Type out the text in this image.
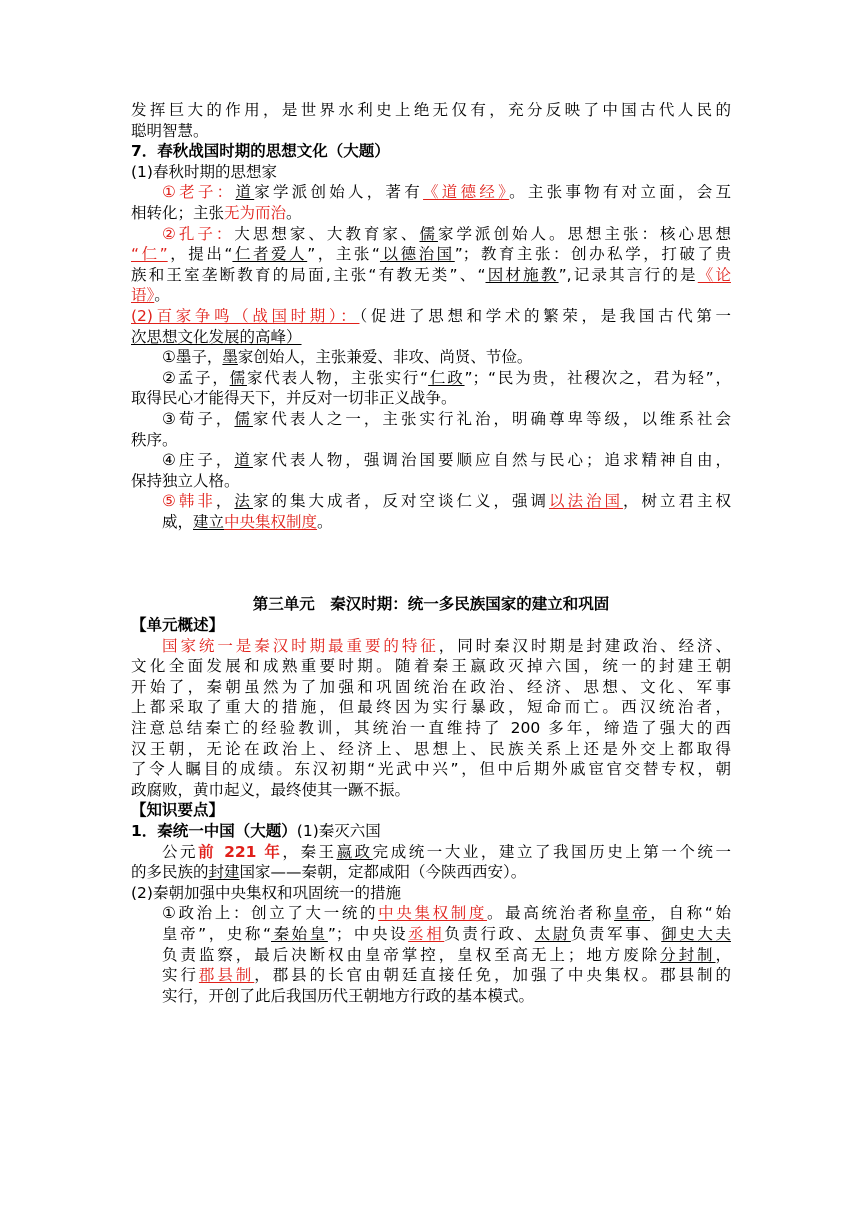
发挥巨大的作用，是世界水利史上绝无仅有，充分反映了中国古代人民的
聪明智慧。
7．春秋战国时期的思想文化（大题）
(1)春秋时期的思想家
①老子：道家学派创始人，著有《道德经》。主张事物有对立面，会互
相转化；主张无为而治。
②孔子：大思想家、大教育家、儒家学派创始人。思想主张：核心思想
“仁”，提出“仁者爱人”，主张“以德治国”；教育主张：创办私学，打破了贵
族和王室垄断教育的局面,主张“有教无类”、“因材施教”,记录其言行的是《论
语》。
(2)百家争鸣（战国时期）：（促进了思想和学术的繁荣，是我国古代第一
次思想文化发展的高峰）
①墨子，墨家创始人，主张兼爱、非攻、尚贤、节俭。
②孟子，儒家代表人物，主张实行“仁政”；“民为贵，社稷次之，君为轻”，
取得民心才能得天下，并反对一切非正义战争。
③荀子，儒家代表人之一，主张实行礼治，明确尊卑等级，以维系社会
秩序。
④庄子，道家代表人物，强调治国要顺应自然与民心；追求精神自由，
保持独立人格。
⑤韩非，法家的集大成者，反对空谈仁义，强调以法治国，树立君主权
威，建立中央集权制度。
第三单元　秦汉时期：统一多民族国家的建立和巩固
【单元概述】
国家统一是秦汉时期最重要的特征，同时秦汉时期是封建政治、经济、
文化全面发展和成熟重要时期。随着秦王嬴政灭掉六国，统一的封建王朝
开始了，秦朝虽然为了加强和巩固统治在政治、经济、思想、文化、军事
上都采取了重大的措施，但最终因为实行暴政，短命而亡。西汉统治者，
注意总结秦亡的经验教训，其统治一直维持了 200 多年，缔造了强大的西
汉王朝，无论在政治上、经济上、思想上、民族关系上还是外交上都取得
了令人瞩目的成绩。东汉初期“光武中兴”，但中后期外戚宦官交替专权，朝
政腐败，黄巾起义，最终使其一蹶不振。
【知识要点】
1．秦统一中国（大题）(1)秦灭六国
公元前 221 年，秦王嬴政完成统一大业，建立了我国历史上第一个统一
的多民族的封建国家——秦朝，定都咸阳（今陕西西安）。
(2)秦朝加强中央集权和巩固统一的措施
①政治上：创立了大一统的中央集权制度。最高统治者称皇帝，自称“始
皇帝”，史称“秦始皇”；中央设丞相负责行政、太尉负责军事、御史大夫
负责监察，最后决断权由皇帝掌控，皇权至高无上；地方废除分封制，
实行郡县制，郡县的长官由朝廷直接任免，加强了中央集权。郡县制的
实行，开创了此后我国历代王朝地方行政的基本模式。
